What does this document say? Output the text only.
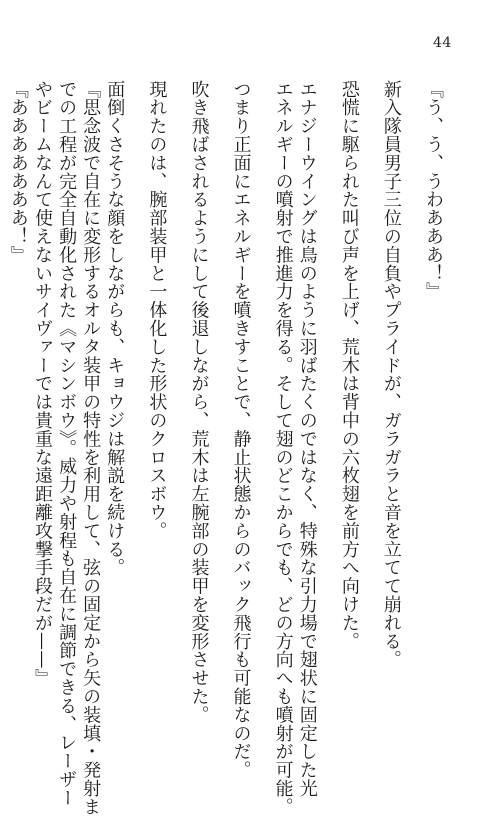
44
『う、う、うわあああ！』
新入隊員男子三位の自負やプライドが、ガラガラと音を立てて崩れる。
恐慌に駆られた叫び声を上げ、荒木は背中の六枚翅を前方へ向けた。
エナジーウイングは鳥のように羽ばたくのではなく、特殊な引力場で翅状に固定した光
エネルギーの噴射で推進力を得る。そして翅のどこからでも、どの方向へも噴射が可能。
つまり正面にエネルギーを噴きすことで、静止状態からのバック飛行も可能なのだ。
吹き飛ばされるようにして後退しながら、荒木は左腕部の装甲を変形させた。
現れたのは、腕部装甲と一体化した形状のクロスボウ。
面倒くさそうな顔をしながらも、キョウジは解説を続ける。
『思念波で自在に変形するオルタ装甲の特性を利用して、弦の固定から矢の装填・発射ま
での工程が完全自動化された《マシンボウ》。威力や射程も自在に調節できる、レーザー
やビームなんて使えないサイヴァーでは貴重な遠距離攻撃手段だが——』
『あああああああ！』
